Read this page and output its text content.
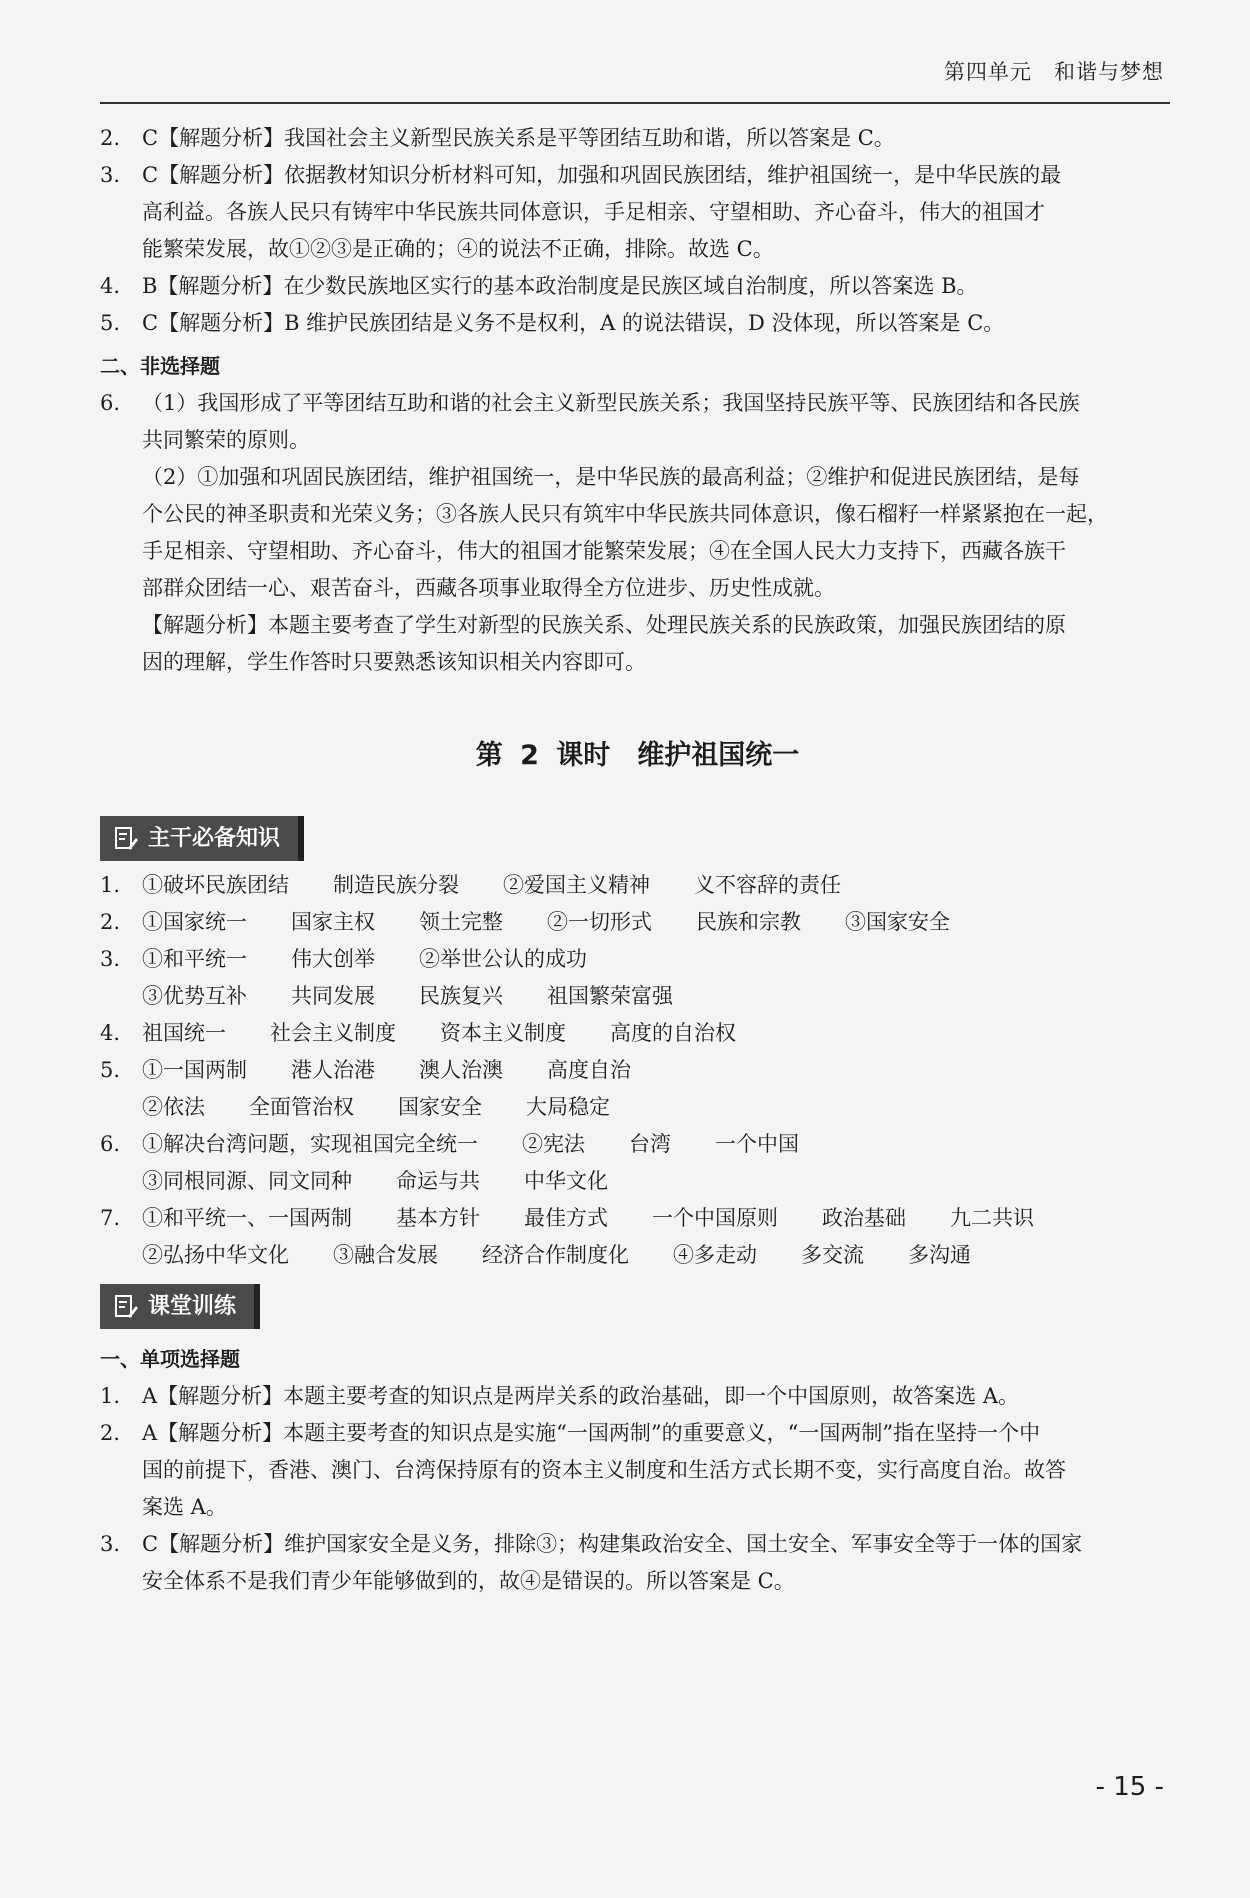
第四单元　 和谐与梦想
2.	C【解题分析】我国社会主义新型民族关系是平等团结互助和谐，所以答案是 C。

3.	C【解题分析】依据教材知识分析材料可知，加强和巩固民族团结，维护祖国统一，是中华民族的最

高利益。各族人民只有铸牢中华民族共同体意识，手足相亲、守望相助、齐心奋斗，伟大的祖国才

能繁荣发展，故①②③是正确的；④的说法不正确，排除。故选 C。

4.	B【解题分析】在少数民族地区实行的基本政治制度是民族区域自治制度，所以答案选 B。

5.	C【解题分析】B 维护民族团结是义务不是权利，A 的说法错误，D 没体现，所以答案是 C。

二、非选择题

6.	（1）我国形成了平等团结互助和谐的社会主义新型民族关系；我国坚持民族平等、民族团结和各民族

共同繁荣的原则。

（2）①加强和巩固民族团结，维护祖国统一，是中华民族的最高利益；②维护和促进民族团结，是每

个公民的神圣职责和光荣义务；③各族人民只有筑牢中华民族共同体意识，像石榴籽一样紧紧抱在一起，

手足相亲、守望相助、齐心奋斗，伟大的祖国才能繁荣发展；④在全国人民大力支持下，西藏各族干

部群众团结一心、艰苦奋斗，西藏各项事业取得全方位进步、历史性成就。

【解题分析】本题主要考查了学生对新型的民族关系、处理民族关系的民族政策，加强民族团结的原

因的理解，学生作答时只要熟悉该知识相关内容即可。

第 2 课时　维护祖国统一

主干必备知识
1.	①破坏民族团结 制造民族分裂 ②爱国主义精神 义不容辞的责任
2.	①国家统一 国家主权 领土完整 ②一切形式 民族和宗教 ③国家安全
3.	①和平统一 伟大创举 ②举世公认的成功
③优势互补 共同发展 民族复兴 祖国繁荣富强
4.	祖国统一 社会主义制度 资本主义制度 高度的自治权
5.	①一国两制 港人治港 澳人治澳 高度自治
②依法 全面管治权 国家安全 大局稳定
6.	①解决台湾问题，实现祖国完全统一 ②宪法 台湾 一个中国
③同根同源、同文同种 命运与共 中华文化
7.	①和平统一、一国两制 基本方针 最佳方式 一个中国原则 政治基础 九二共识
②弘扬中华文化 ③融合发展 经济合作制度化 ④多走动 多交流 多沟通
课堂训练

一、单项选择题

1.	A【解题分析】本题主要考查的知识点是两岸关系的政治基础，即一个中国原则，故答案选 A。

2.	A【解题分析】本题主要考查的知识点是实施“一国两制”的重要意义，“一国两制”指在坚持一个中

国的前提下，香港、澳门、台湾保持原有的资本主义制度和生活方式长期不变，实行高度自治。故答

案选 A。

3.	C【解题分析】维护国家安全是义务，排除③；构建集政治安全、国土安全、军事安全等于一体的国家

安全体系不是我们青少年能够做到的，故④是错误的。所以答案是 C。

- 15 -
